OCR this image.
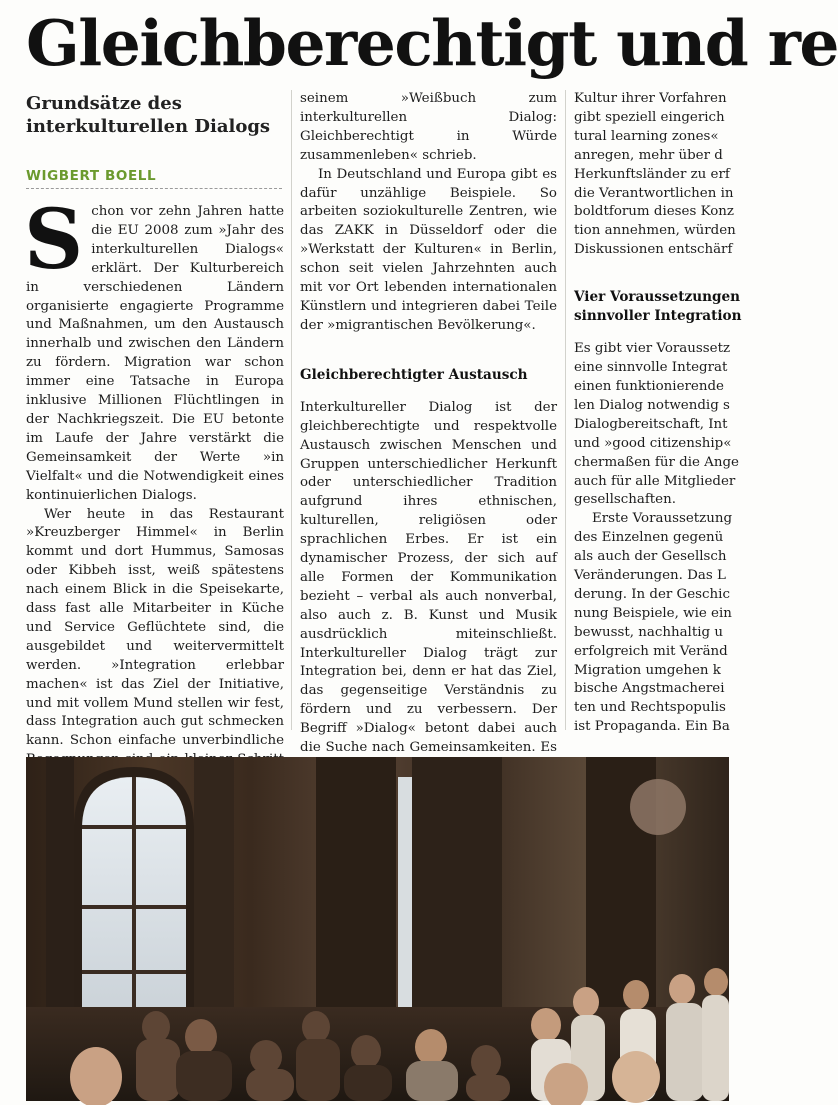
Gleichberechtigt und re
Grundsätze des interkulturellen Dialogs
WIGBERT BOELL

Schon vor zehn Jahren hatte die EU 2008 zum »Jahr des interkulturellen Dialogs« erklärt. Der Kulturbereich in verschiedenen Ländern organisierte engagierte Programme und Maßnahmen, um den Austausch innerhalb und zwischen den Ländern zu fördern. Migration war schon immer eine Tatsache in Europa inklusive Millionen Flüchtlingen in der Nachkriegszeit. Die EU betonte im Laufe der Jahre verstärkt die Gemeinsamkeit der Werte »in Vielfalt« und die Notwendigkeit eines kontinuierlichen Dialogs.

Wer heute in das Restaurant »Kreuzberger Himmel« in Berlin kommt und dort Hummus, Samosas oder Kibbeh isst, weiß spätestens nach einem Blick in die Speisekarte, dass fast alle Mitarbeiter in Küche und Service Geflüchtete sind, die ausgebildet und weitervermittelt werden. »Integration erlebbar machen« ist das Ziel der Initiative, und mit vollem Mund stellen wir fest, dass Integration auch gut schmecken kann. Schon einfache unverbindliche

seinem »Weißbuch zum interkulturellen Dialog: Gleichberechtigt in Würde zusammenleben« schrieb.

In Deutschland und Europa gibt es dafür unzählige Beispiele. So arbeiten soziokulturelle Zentren, wie das ZAKK in Düsseldorf oder die »Werkstatt der Kulturen« in Berlin, schon seit vielen Jahrzehnten auch mit vor Ort lebenden internationalen Künstlern und integrieren dabei Teile der »migrantischen Bevölkerung«.

Gleichberechtigter Austausch

Interkultureller Dialog ist der gleichberechtigte und respektvolle Austausch zwischen Menschen und Gruppen unterschiedlicher Herkunft oder unterschiedlicher Tradition aufgrund ihres ethnischen, kulturellen, religiösen oder sprachlichen Erbes. Er ist ein dynamischer Prozess, der sich auf alle Formen der Kommunikation bezieht – verbal als auch nonverbal, also auch z. B. Kunst und Musik ausdrücklich miteinschließt. Interkultureller Dialog trägt zur Integration bei, denn er hat das Ziel, das gegenseitige Verständnis zu fördern und zu verbessern. Der Begriff »Dialog« betont dabei auch die Suche nach Gemeinsamkeiten. Es

Kultur ihrer Vorfahren

gibt speziell eingerich

tural learning zones«

anregen, mehr über d

Herkunftsländer zu erf

die Verantwortlichen in

boldtforum dieses Konz

tion annehmen, würden

Diskussionen entschärf

Vier Voraussetzungen
sinnvoller Integration

Es gibt vier Voraussetz

eine sinnvolle Integrat

einen funktionierende

len Dialog notwendig s

Dialogbereitschaft, Int

und »good citizenship«

chermaßen für die Ange

auch für alle Mitglieder

gesellschaften.

Erste Voraussetzung

des Einzelnen gegenü

als auch der Gesellsch

Veränderungen. Das L

derung. In der Geschic

nung Beispiele, wie ein

bewusst, nachhaltig u

erfolgreich mit Veränd

Migration umgehen k

bische Angstmacherei

ten und Rechtspopulis

ist Propaganda. Ein Ba
